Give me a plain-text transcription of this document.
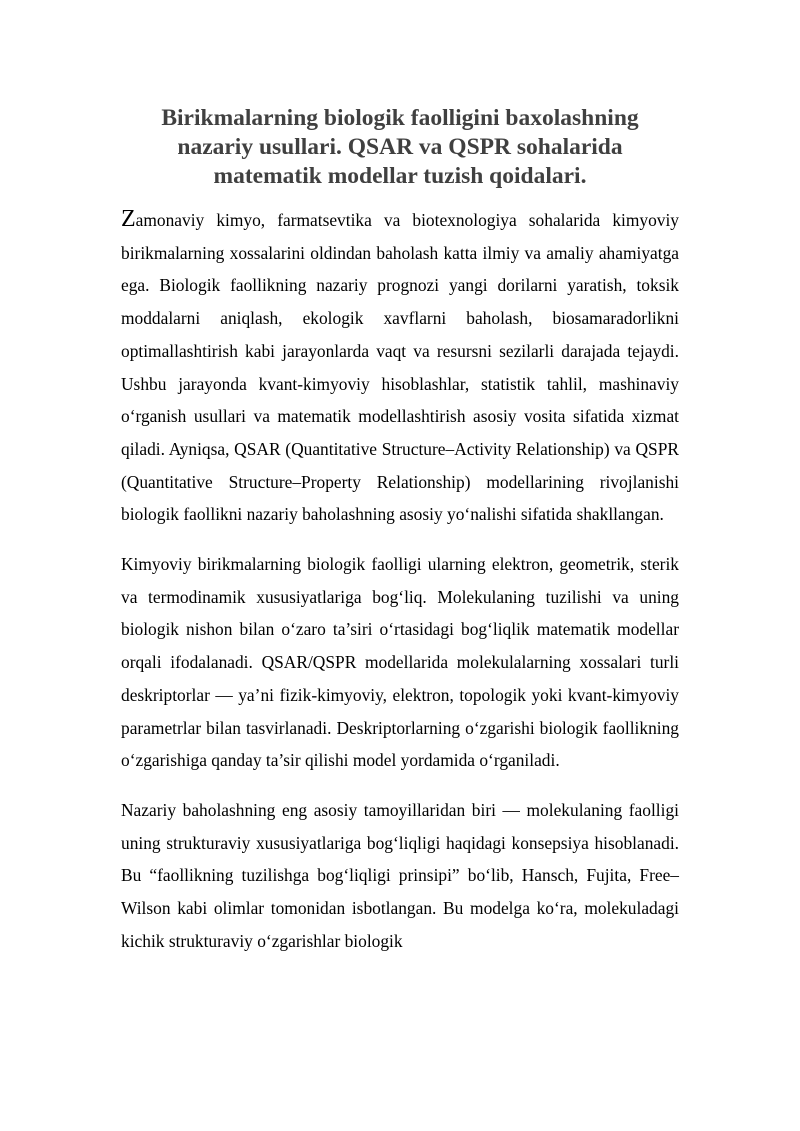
Birikmalarning biologik faolligini baxolashning nazariy usullari. QSAR va QSPR sohalarida matematik modellar tuzish qoidalari.

Zamonaviy kimyo, farmatsevtika va biotexnologiya sohalarida kimyoviy birikmalarning xossalarini oldindan baholash katta ilmiy va amaliy ahamiyatga ega. Biologik faollikning nazariy prognozi yangi dorilarni yaratish, toksik moddalarni aniqlash, ekologik xavflarni baholash, biosamaradorlikni optimallashtirish kabi jarayonlarda vaqt va resursni sezilarli darajada tejaydi. Ushbu jarayonda kvant-kimyoviy hisoblashlar, statistik tahlil, mashinaviy o‘rganish usullari va matematik modellashtirish asosiy vosita sifatida xizmat qiladi. Ayniqsa, QSAR (Quantitative Structure–Activity Relationship) va QSPR (Quantitative Structure–Property Relationship) modellarining rivojlanishi biologik faollikni nazariy baholashning asosiy yo‘nalishi sifatida shakllangan.

Kimyoviy birikmalarning biologik faolligi ularning elektron, geometrik, sterik va termodinamik xususiyatlariga bog‘liq. Molekulaning tuzilishi va uning biologik nishon bilan o‘zaro ta’siri o‘rtasidagi bog‘liqlik matematik modellar orqali ifodalanadi. QSAR/QSPR modellarida molekulalarning xossalari turli deskriptorlar — ya’ni fizik-kimyoviy, elektron, topologik yoki kvant-kimyoviy parametrlar bilan tasvirlanadi. Deskriptorlarning o‘zgarishi biologik faollikning o‘zgarishiga qanday ta’sir qilishi model yordamida o‘rganiladi.

Nazariy baholashning eng asosiy tamoyillaridan biri — molekulaning faolligi uning strukturaviy xususiyatlariga bog‘liqligi haqidagi konsepsiya hisoblanadi. Bu “faollikning tuzilishga bog‘liqligi prinsipi” bo‘lib, Hansch, Fujita, Free–Wilson kabi olimlar tomonidan isbotlangan. Bu modelga ko‘ra, molekuladagi kichik strukturaviy o‘zgarishlar biologik
